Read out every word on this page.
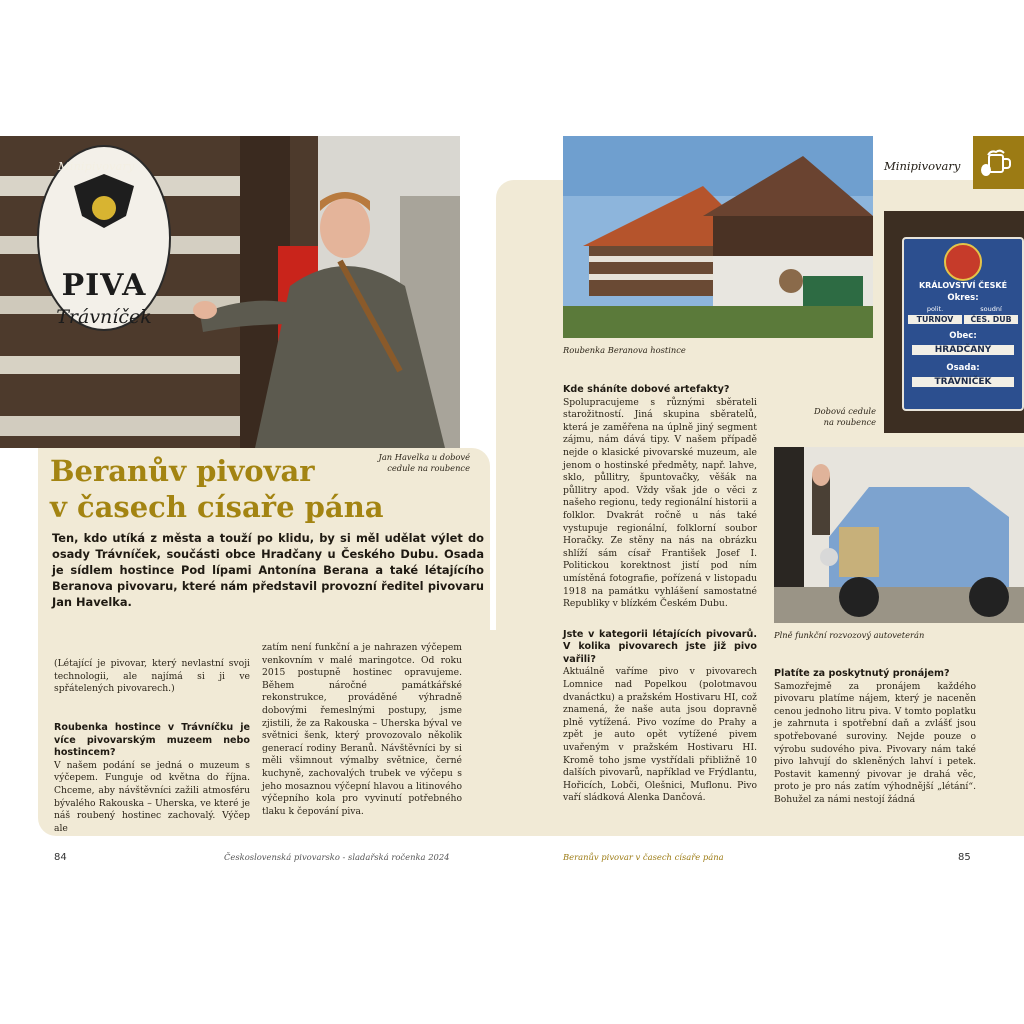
PIVA
Trávníček
Minipivovary
Jan Havelka u dobové cedule na roubence
Beranův pivovar
v časech císaře pána
Ten, kdo utíká z města a touží po klidu, by si měl udělat výlet do osady Trávníček, součásti obce Hradčany u Českého Dubu. Osada je sídlem hostince Pod lípami Antonína Berana a také létajícího Beranova pivovaru, které nám představil provozní ředitel pivovaru Jan Havelka.
(Létající je pivovar, který nevlastní svoji technologii, ale najímá si ji ve spřátelených pivovarech.)

Roubenka hostince v Trávníčku je více pivovarským muzeem nebo hostincem?

V našem podání se jedná o muzeum s výčepem. Funguje od května do října. Chceme, aby návštěvníci zažili atmosféru bývalého Rakouska – Uherska, ve které je náš roubený hostinec zachovalý. Výčep ale

zatím není funkční a je nahrazen výčepem venkovním v malé maringotce. Od roku 2015 postupně hostinec opravujeme. Během náročné památkářské rekonstrukce, prováděné výhradně dobovými řemeslnými postupy, jsme zjistili, že za Rakouska – Uherska býval ve světnici šenk, který provozovalo několik generací rodiny Beranů. Návštěvníci by si měli všimnout výmalby světnice, černé kuchyně, zachovalých trubek ve výčepu s jeho mosaznou výčepní hlavou a litinového výčepního kola pro vyvinutí potřebného tlaku k čepování piva.
Roubenka Beranova hostince
Minipivovary
KRÁLOVSTVÍ ČESKÉ
Okres:
polit.	soudní
TURNOV	ČES. DUB
Obec:
HRADČANY
Osada:
TRÁVNÍČEK
Dobová cedule na roubence
Plně funkční rozvozový autoveterán

Kde sháníte dobové artefakty?

Spolupracujeme s různými sběrateli starožitností. Jiná skupina sběratelů, která je zaměřena na úplně jiný segment zájmu, nám dává tipy. V našem případě nejde o klasické pivovarské muzeum, ale jenom o hostinské předměty, např. lahve, sklo, půllitry, špuntovačky, věšák na půllitry apod. Vždy však jde o věci z našeho regionu, tedy regionální historii a folklor. Dvakrát ročně u nás také vystupuje regionální, folklorní soubor Horačky. Ze stěny na nás na obrázku shlíží sám císař František Josef I. Politickou korektnost jistí pod ním umístěná fotografie, pořízená v listopadu 1918 na památku vyhlášení samostatné Republiky v blízkém Českém Dubu.

Jste v kategorii létajících pivovarů. V kolika pivovarech jste již pivo vařili?

Aktuálně vaříme pivo v pivovarech Lomnice nad Popelkou (polotmavou dvanáctku) a pražském Hostivaru HI, což znamená, že naše auta jsou dopravně plně vytížená. Pivo vozíme do Prahy a zpět je auto opět vytížené pivem uvařeným v pražském Hostivaru HI. Kromě toho jsme vystřídali přibližně 10 dalších pivovarů, například ve Frýdlantu, Hořicích, Lobči, Olešnici, Muflonu. Pivo vaří sládková Alenka Dančová.

Platíte za poskytnutý pronájem?

Samozřejmě za pronájem každého pivovaru platíme nájem, který je naceněn cenou jednoho litru piva. V tomto poplatku je zahrnuta i spotřební daň a zvlášť jsou spotřebované suroviny. Nejde pouze o výrobu sudového piva. Pivovary nám také pivo lahvují do skleněných lahví i petek. Postavit kamenný pivovar je drahá věc, proto je pro nás zatím výhodnější „létání“. Bohužel za námi nestojí žádná

84	Československá pivovarsko - sladařská ročenka 2024	Beranův pivovar v časech císaře pána	85
